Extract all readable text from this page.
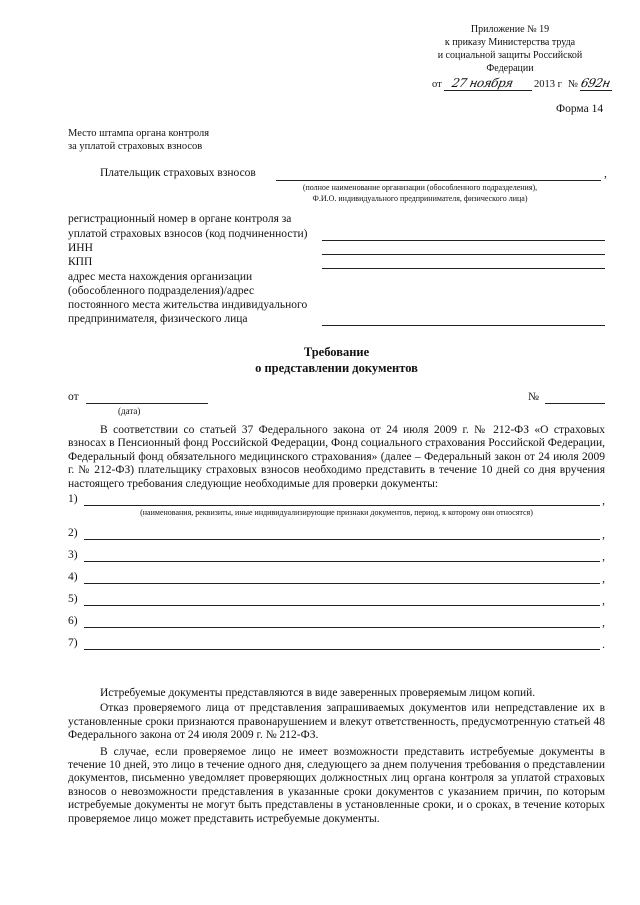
Приложение № 19
к приказу Министерства труда
и социальной защиты Российской
Федерации
от 27 ноября 2013 г № 692н
Форма 14
Место штампа органа контроля
за уплатой страховых взносов
Плательщик страховых взносов	,
(полное наименование организации (обособленного подразделения),
Ф.И.О. индивидуального предпринимателя, физического лица)
регистрационный номер в органе контроля за
уплатой страховых взносов (код подчиненности)
ИНН
КПП
адрес места нахождения организации
(обособленного подразделения)/адрес
постоянного места жительства индивидуального
предпринимателя, физического лица
Требование
о представлении документов
от
(дата)
№

В соответствии со статьей 37 Федерального закона от 24 июля 2009 г. № 212-ФЗ «О страховых взносах в Пенсионный фонд Российской Федерации, Фонд социального страхования Российской Федерации, Федеральный фонд обязательного медицинского страхования» (далее – Федеральный закон от 24 июля 2009 г. № 212-ФЗ) плательщику страховых взносов необходимо представить в течение 10 дней со дня вручения настоящего требования следующие необходимые для проверки документы:

1)	,
(наименования, реквизиты, иные индивидуализирующие признаки документов, период, к которому они относятся)
2)	,
3)	,
4)	,
5)	,
6)	,
7)	.

Истребуемые документы представляются в виде заверенных проверяемым лицом копий.

Отказ проверяемого лица от представления запрашиваемых документов или непредставление их в установленные сроки признаются правонарушением и влекут ответственность, предусмотренную статьей 48 Федерального закона от 24 июля 2009 г. № 212-ФЗ.

В случае, если проверяемое лицо не имеет возможности представить истребуемые документы в течение 10 дней, это лицо в течение одного дня, следующего за днем получения требования о представлении документов, письменно уведомляет проверяющих должностных лиц органа контроля за уплатой страховых взносов о невозможности представления в указанные сроки документов с указанием причин, по которым истребуемые документы не могут быть представлены в установленные сроки, и о сроках, в течение которых проверяемое лицо может представить истребуемые документы.
